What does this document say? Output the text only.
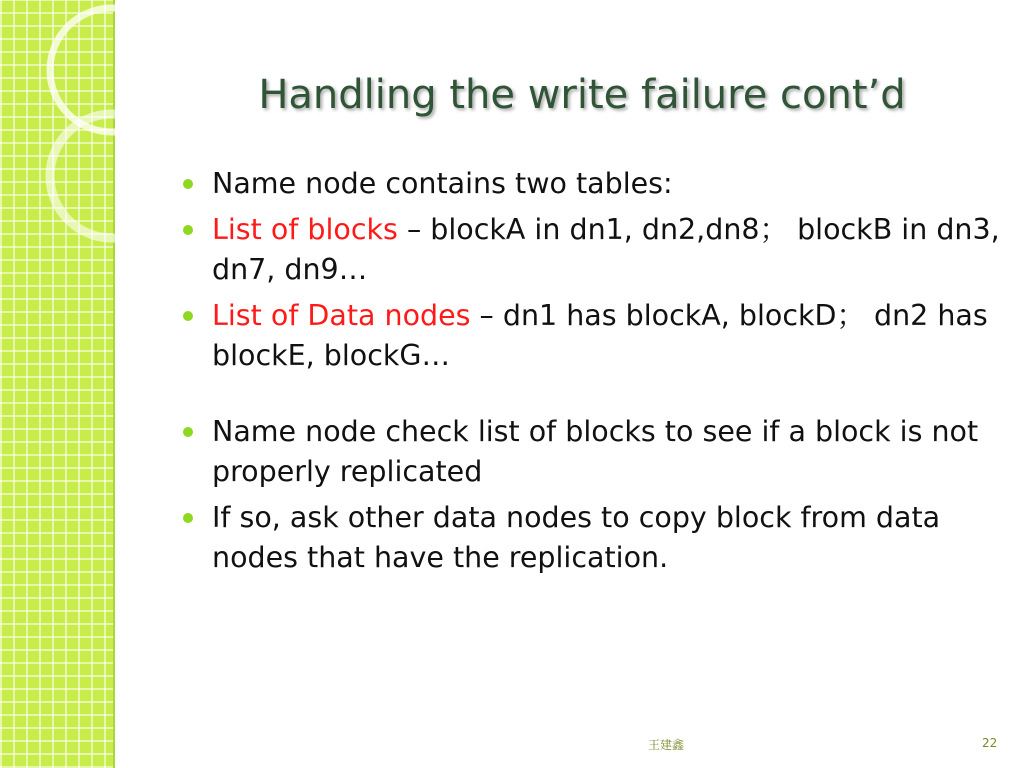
Handling the write failure cont’d
Name node contains two tables:
List of blocks – blockA in dn1, dn2,dn8； blockB in dn3, dn7, dn9…
List of Data nodes – dn1 has blockA, blockD； dn2 has blockE, blockG…
Name node check list of blocks to see if a block is not properly replicated
If so, ask other data nodes to copy block from data nodes that have the replication.
王建鑫	22
